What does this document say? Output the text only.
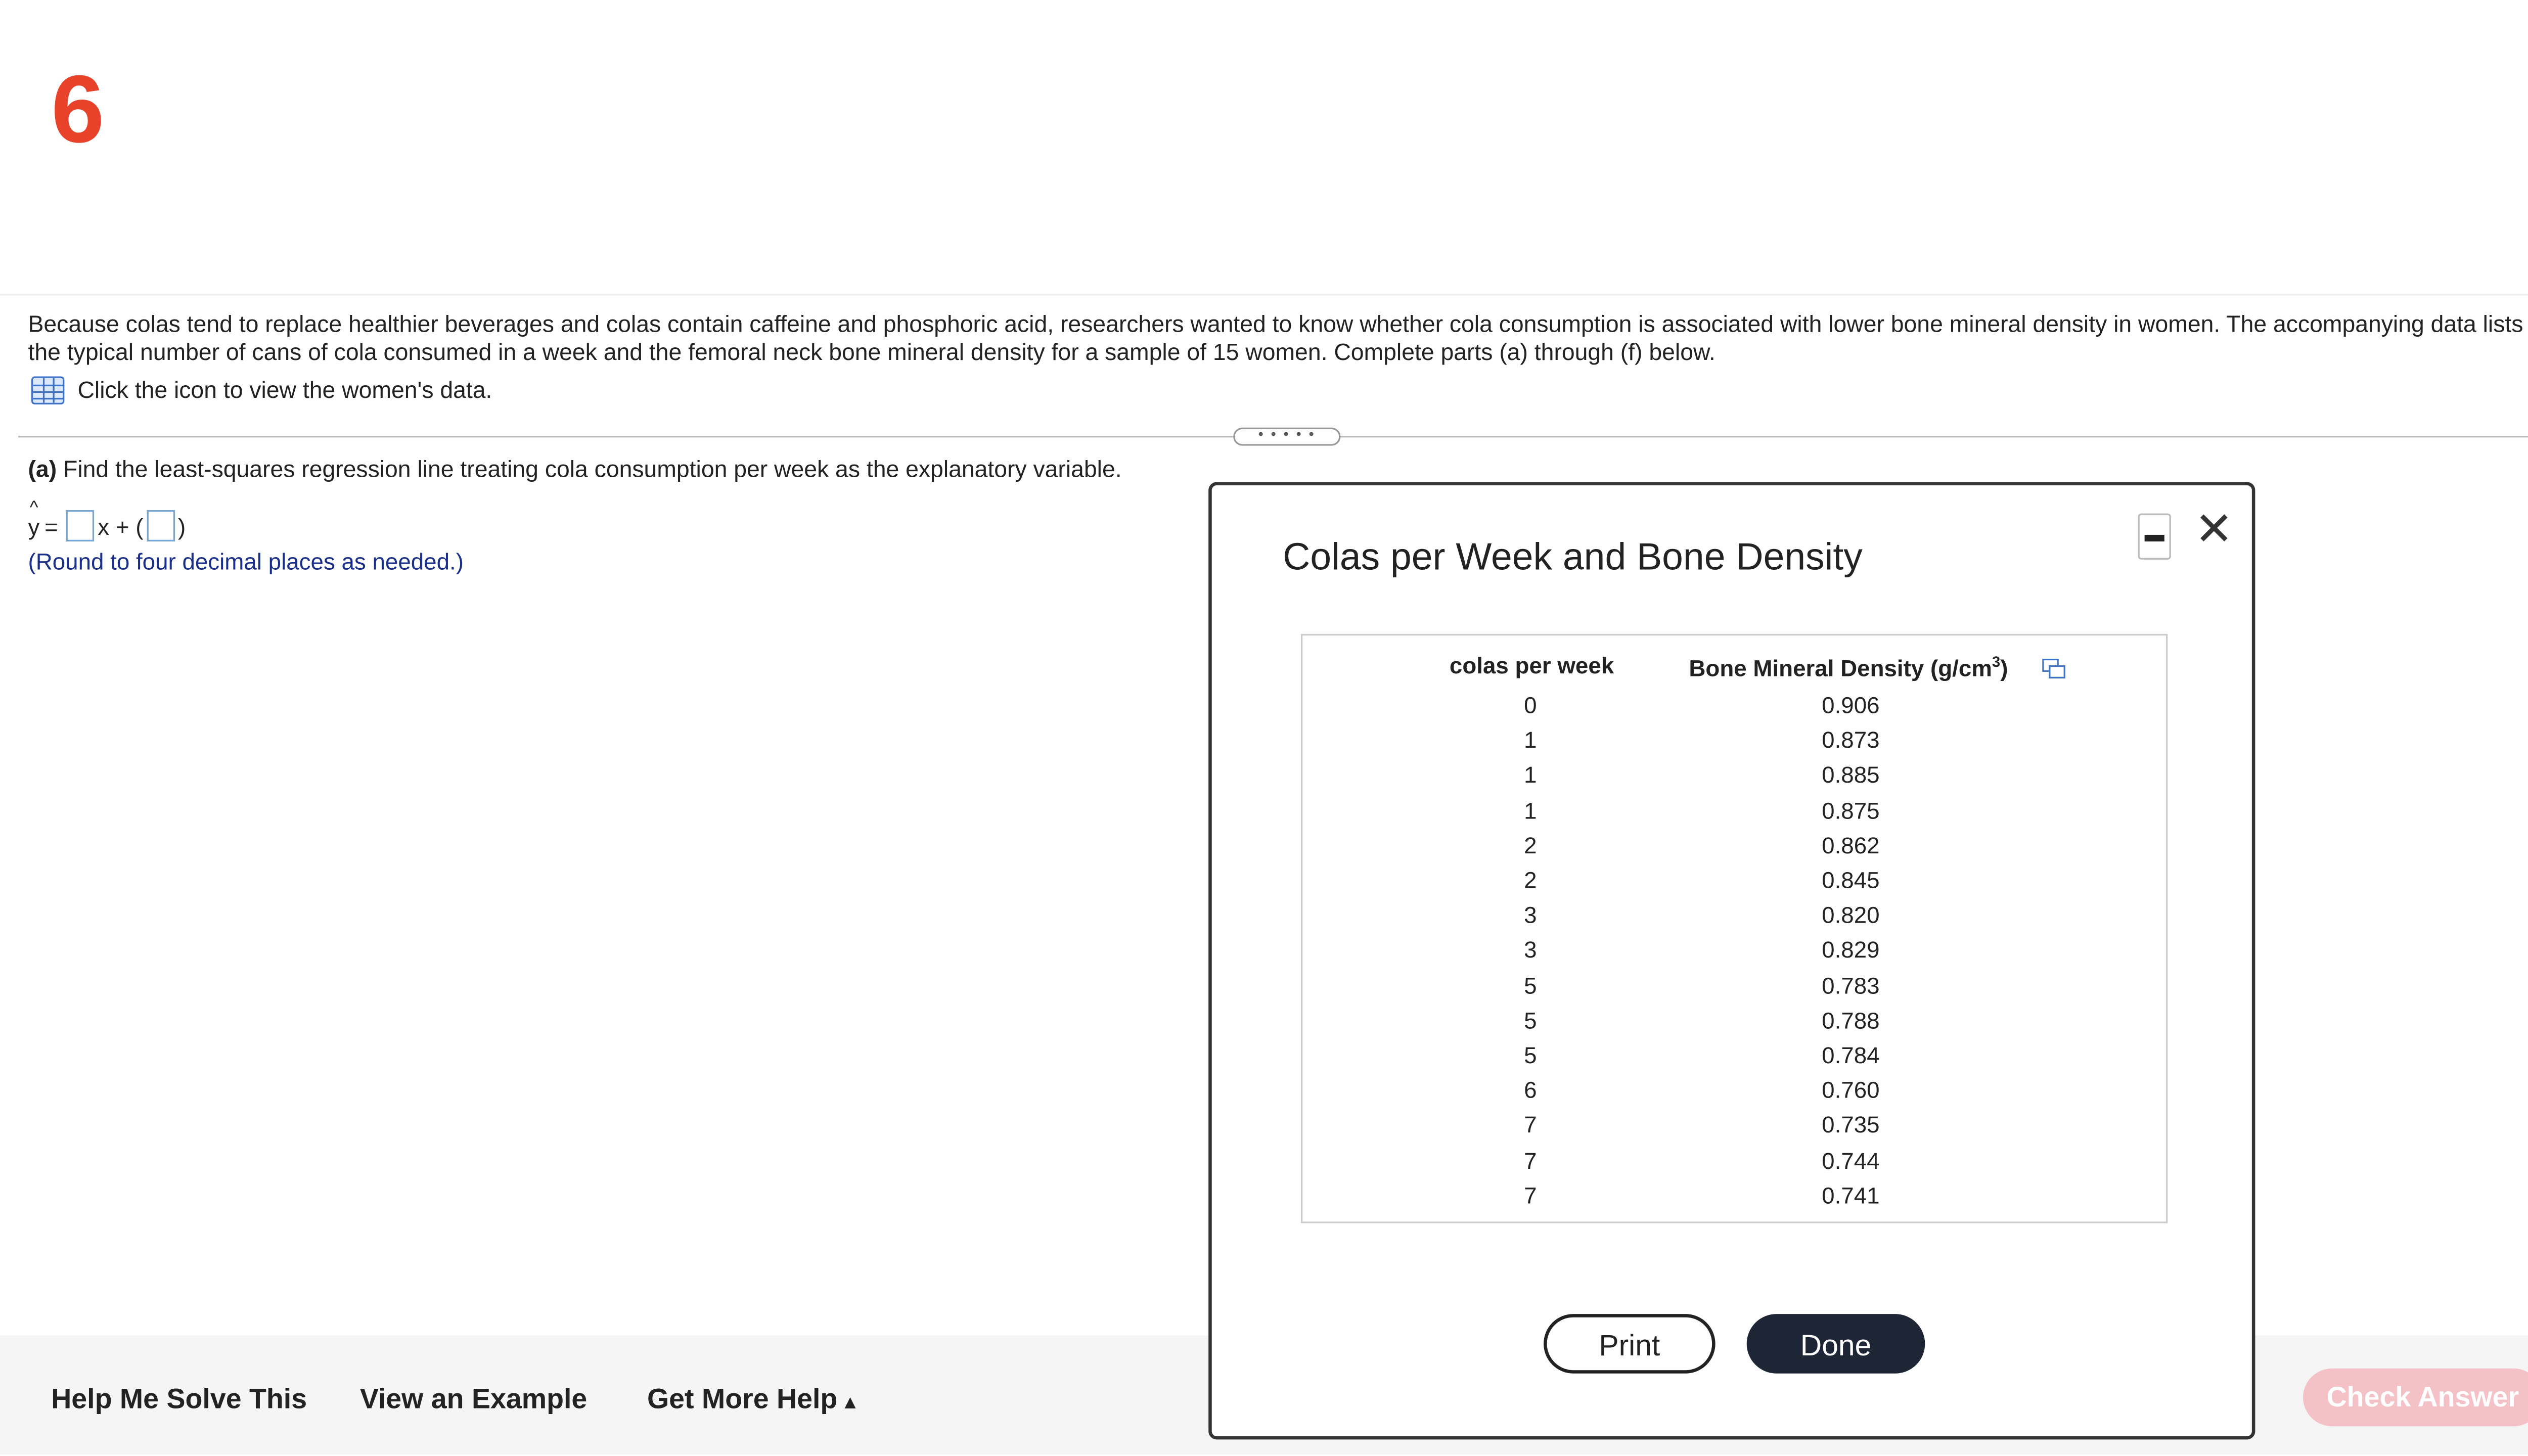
6
Because colas tend to replace healthier beverages and colas contain caffeine and phosphoric acid, researchers wanted to know whether cola consumption is associated with lower bone mineral density in women. The accompanying data lists the typical number of cans of cola consumed in a week and the femoral neck bone mineral density for a sample of 15 women. Complete parts (a) through (f) below.
Click the icon to view the women's data.
• • • • •
(a) Find the least-squares regression line treating cola consumption per week as the explanatory variable.
^
y =	x + (	)
(Round to four decimal places as needed.)
Help Me Solve This	View an Example	Get More Help ▴	Check Answer
Colas per Week and Bone Density
✕
colas per week	Bone Mineral Density $(g/cm^3)$
0	0.906
1	0.873
1	0.885
1	0.875
2	0.862
2	0.845
3	0.820
3	0.829
5	0.783
5	0.788
5	0.784
6	0.760
7	0.735
7	0.744
7	0.741
Print	Done
